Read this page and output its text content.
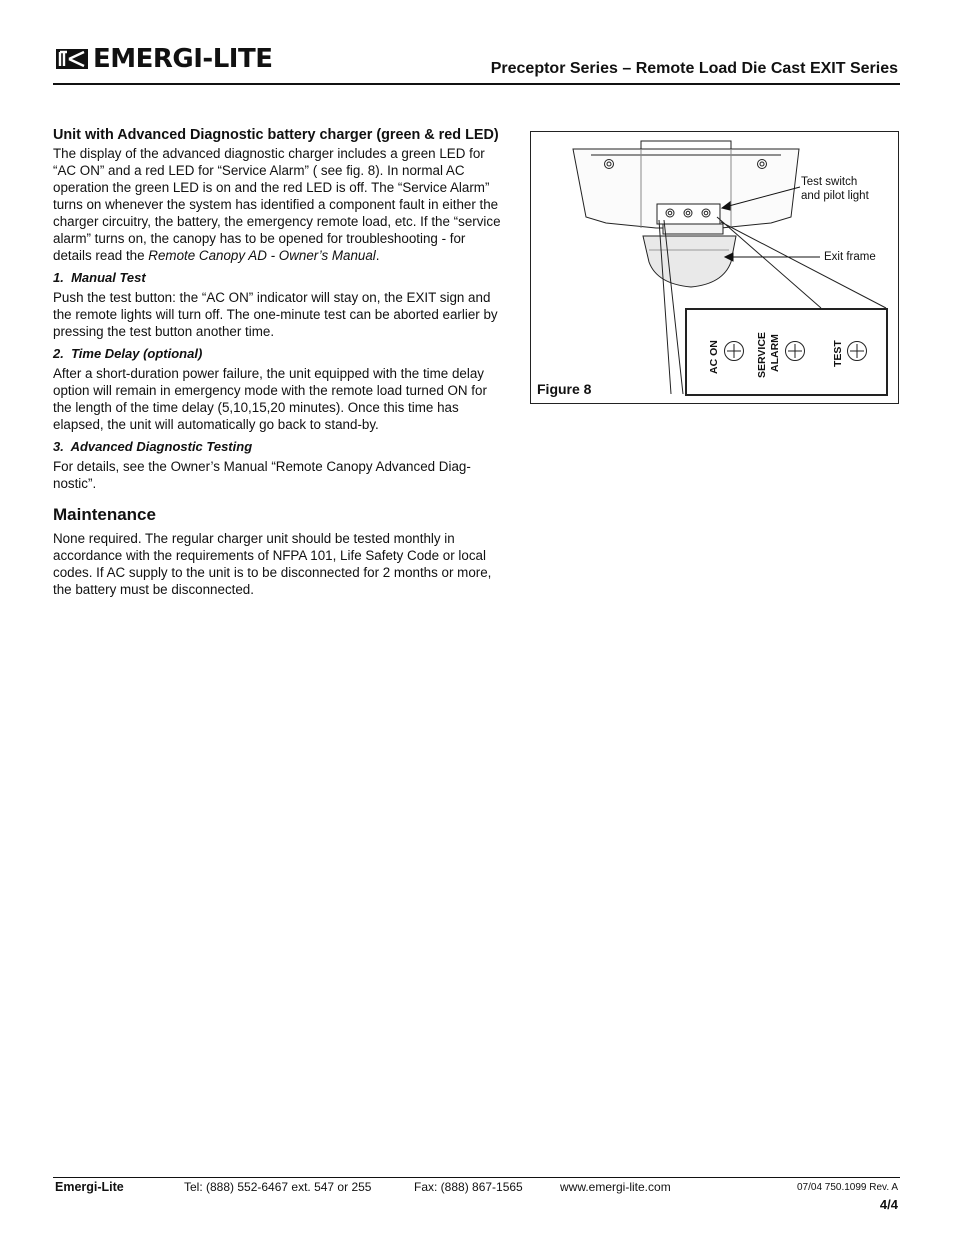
EMERGI-LITE	Preceptor Series – Remote Load Die Cast EXIT Series

Unit with Advanced Diagnostic battery charger (green & red LED)

The display of the advanced diagnostic charger includes a green LED for “AC ON” and a red LED for “Service Alarm” ( see fig. 8). In normal AC operation the green LED is on and the red LED is off. The “Service Alarm” turns on whenever the system has identified a component fault in either the charger circuitry, the battery, the emergency remote load, etc. If the “service alarm” turns on, the canopy has to be opened for troubleshooting - for details read the Remote Canopy AD - Owner’s Manual.

1.  Manual Test

Push the test button: the “AC ON” indicator will stay on, the EXIT sign and the remote lights will turn off. The one-minute test can be aborted earlier by pressing the test button another time.

2.  Time Delay (optional)

After a short-duration power failure, the unit equipped with the time delay option will remain in emergency mode with the remote load turned ON for the length of the time delay (5,10,15,20 minutes). Once this time has elapsed, the unit will automatically go back to stand-by.

3.  Advanced Diagnostic Testing

For details, see the Owner’s Manual “Remote Canopy Advanced Diag-nostic”.

Maintenance

None required. The regular charger unit should be tested monthly in accordance with the requirements of NFPA 101, Life Safety Code or local codes. If AC supply to the unit is to be disconnected for 2 months or more, the battery must be disconnected.

AC ON	SERVICE ALARM	TEST
Test switch
and pilot light
Exit frame
Figure 8
Emergi-Lite	Tel: (888) 552-6467 ext. 547 or 255	Fax: (888) 867-1565	www.emergi-lite.com	07/04 750.1099 Rev. A
4/4
